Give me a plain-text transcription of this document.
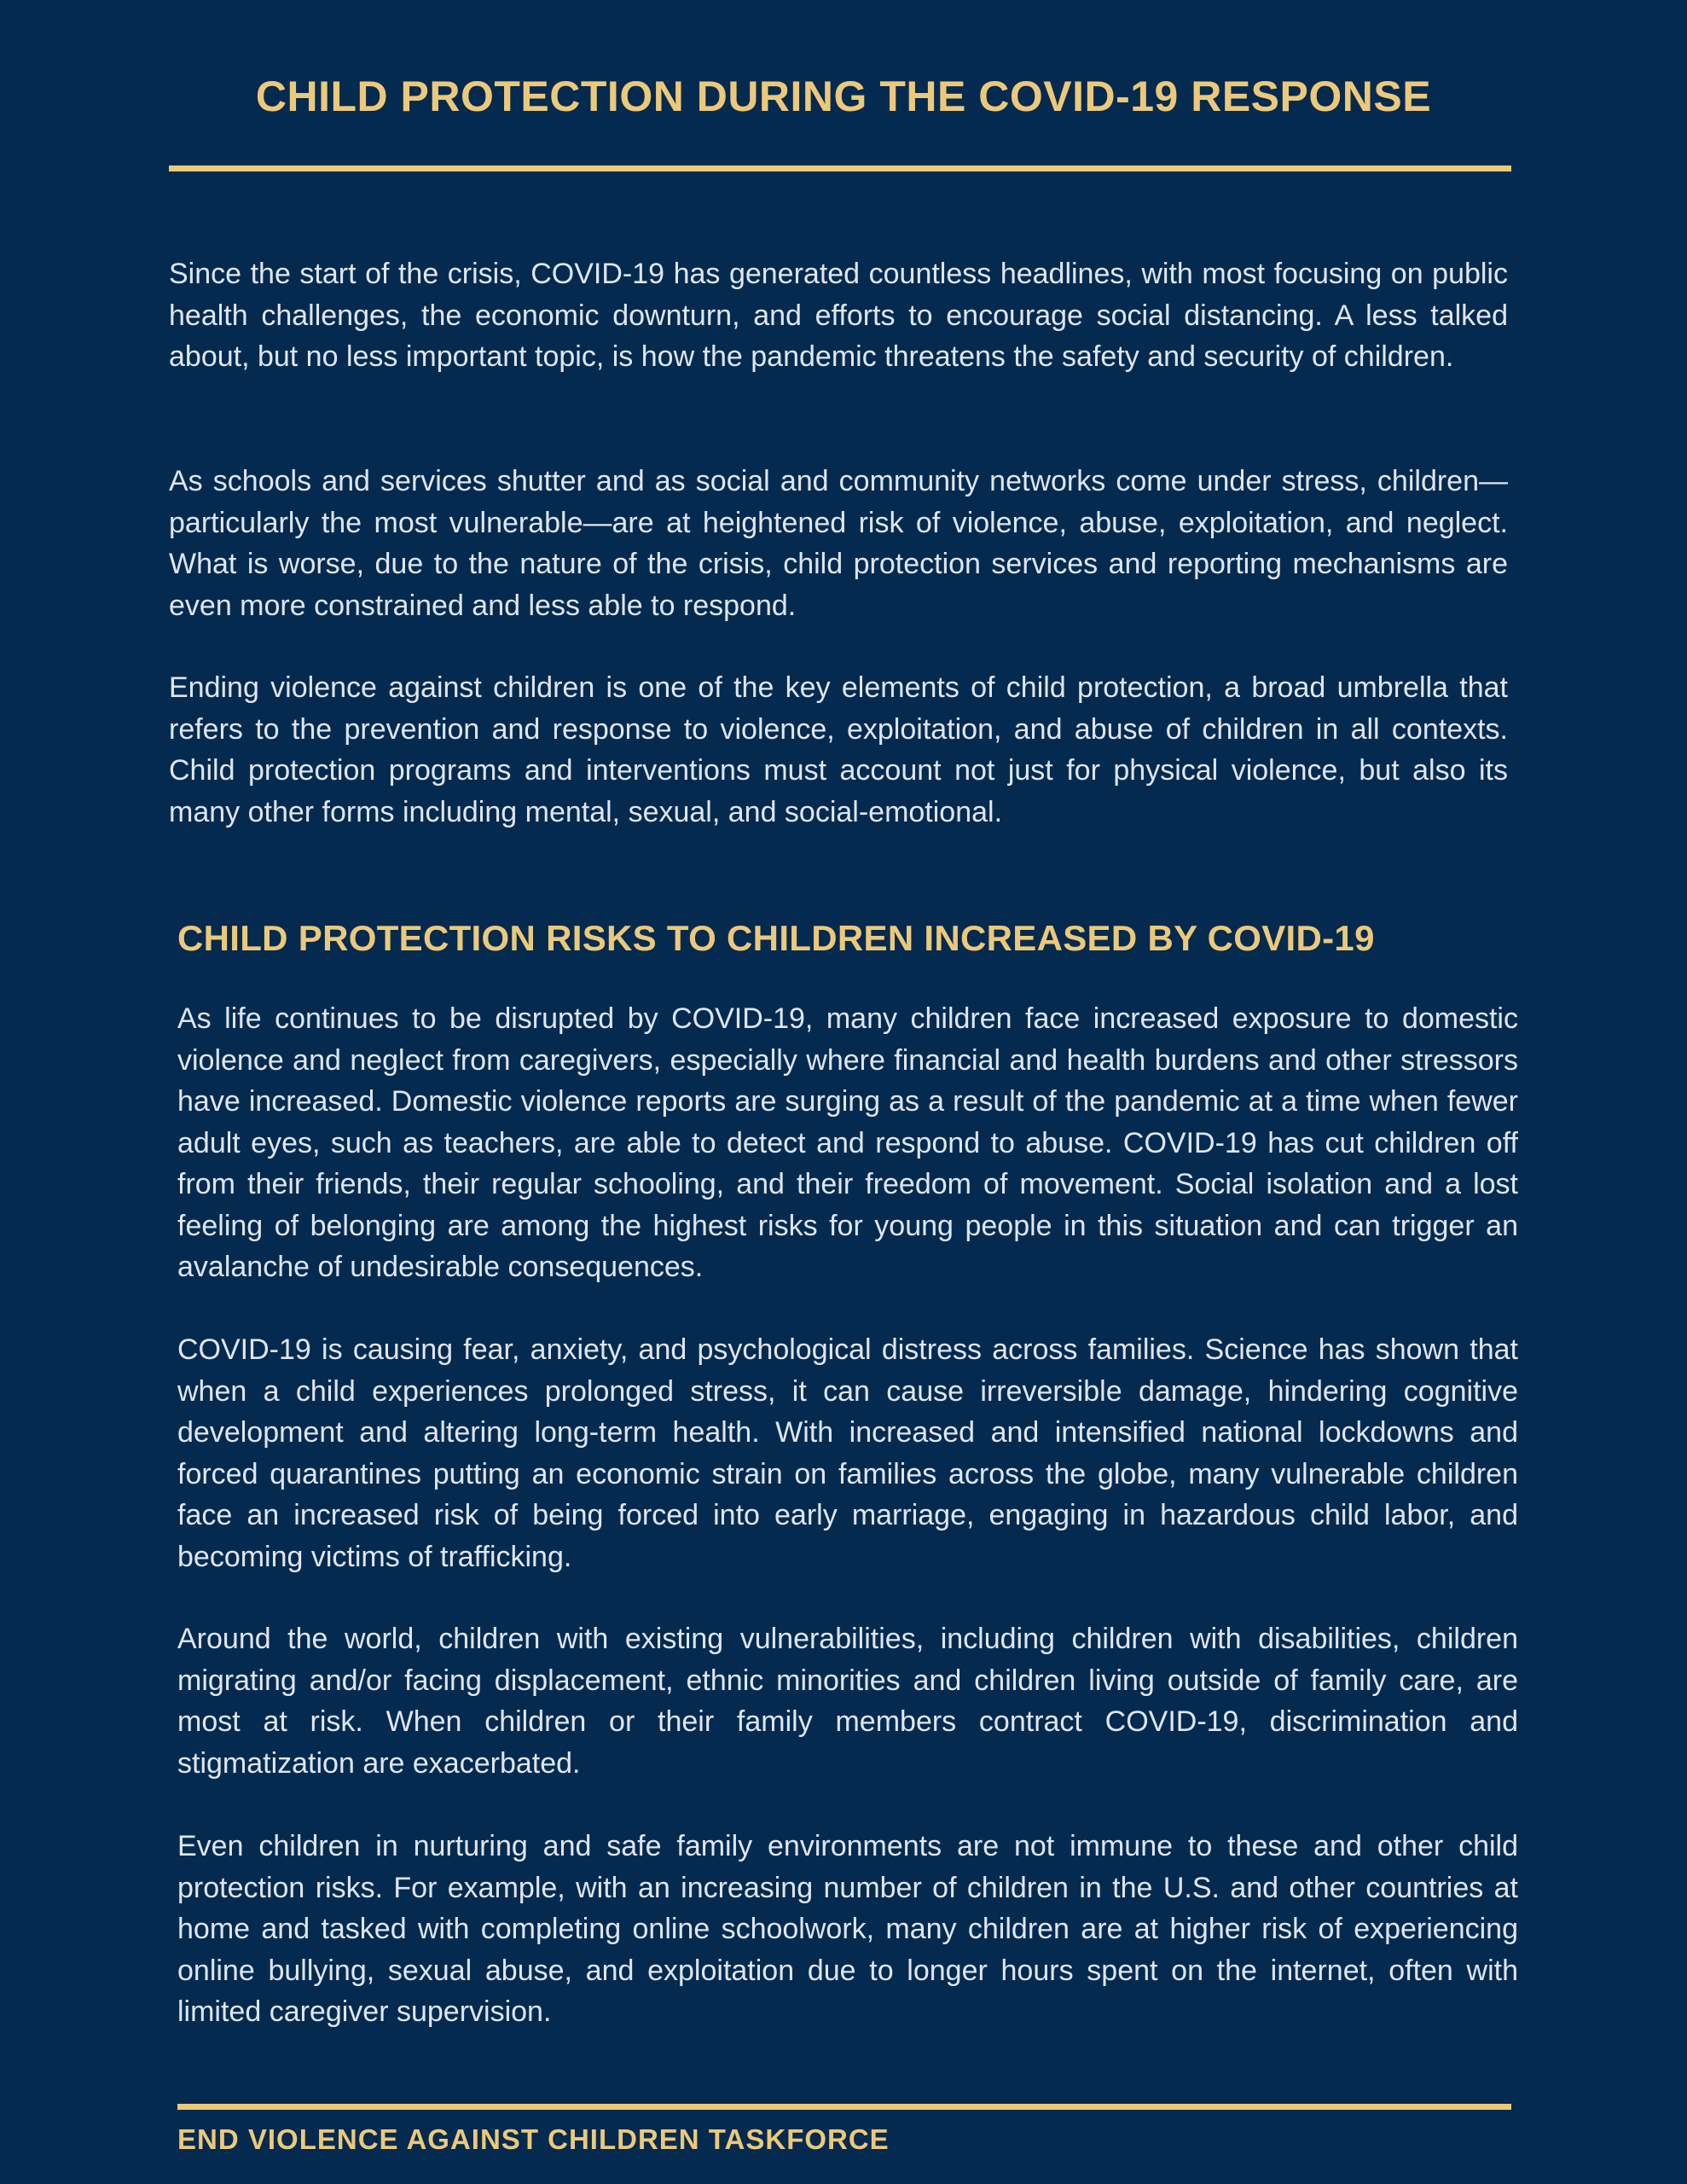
CHILD PROTECTION DURING THE COVID-19 RESPONSE

Since the start of the crisis, COVID-19 has generated countless headlines, with most focusing on public health challenges, the economic downturn, and efforts to encourage social distancing. A less talked about, but no less important topic, is how the pandemic threatens the safety and security of children.

As schools and services shutter and as social and community networks come under stress, children—particularly the most vulnerable—are at heightened risk of violence, abuse, exploitation, and neglect. What is worse, due to the nature of the crisis, child protection services and reporting mechanisms are even more constrained and less able to respond.

Ending violence against children is one of the key elements of child protection, a broad umbrella that refers to the prevention and response to violence, exploitation, and abuse of children in all contexts. Child protection programs and interventions must account not just for physical violence, but also its many other forms including mental, sexual, and social-emotional.

CHILD PROTECTION RISKS TO CHILDREN INCREASED BY COVID-19

As life continues to be disrupted by COVID-19, many children face increased exposure to domestic violence and neglect from caregivers, especially where financial and health burdens and other stressors have increased. Domestic violence reports are surging as a result of the pandemic at a time when fewer adult eyes, such as teachers, are able to detect and respond to abuse. COVID-19 has cut children off from their friends, their regular schooling, and their freedom of movement. Social isolation and a lost feeling of belonging are among the highest risks for young people in this situation and can trigger an avalanche of undesirable consequences.

COVID-19 is causing fear, anxiety, and psychological distress across families. Science has shown that when a child experiences prolonged stress, it can cause irreversible damage, hindering cognitive development and altering long-term health. With increased and intensified national lockdowns and forced quarantines putting an economic strain on families across the globe, many vulnerable children face an increased risk of being forced into early marriage, engaging in hazardous child labor, and becoming victims of trafficking.

Around the world, children with existing vulnerabilities, including children with disabilities, children migrating and/or facing displacement, ethnic minorities and children living outside of family care, are most at risk. When children or their family members contract COVID-19, discrimination and stigmatization are exacerbated.

Even children in nurturing and safe family environments are not immune to these and other child protection risks. For example, with an increasing number of children in the U.S. and other countries at home and tasked with completing online schoolwork, many children are at higher risk of experiencing online bullying, sexual abuse, and exploitation due to longer hours spent on the internet, often with limited caregiver supervision.

END VIOLENCE AGAINST CHILDREN TASKFORCE
